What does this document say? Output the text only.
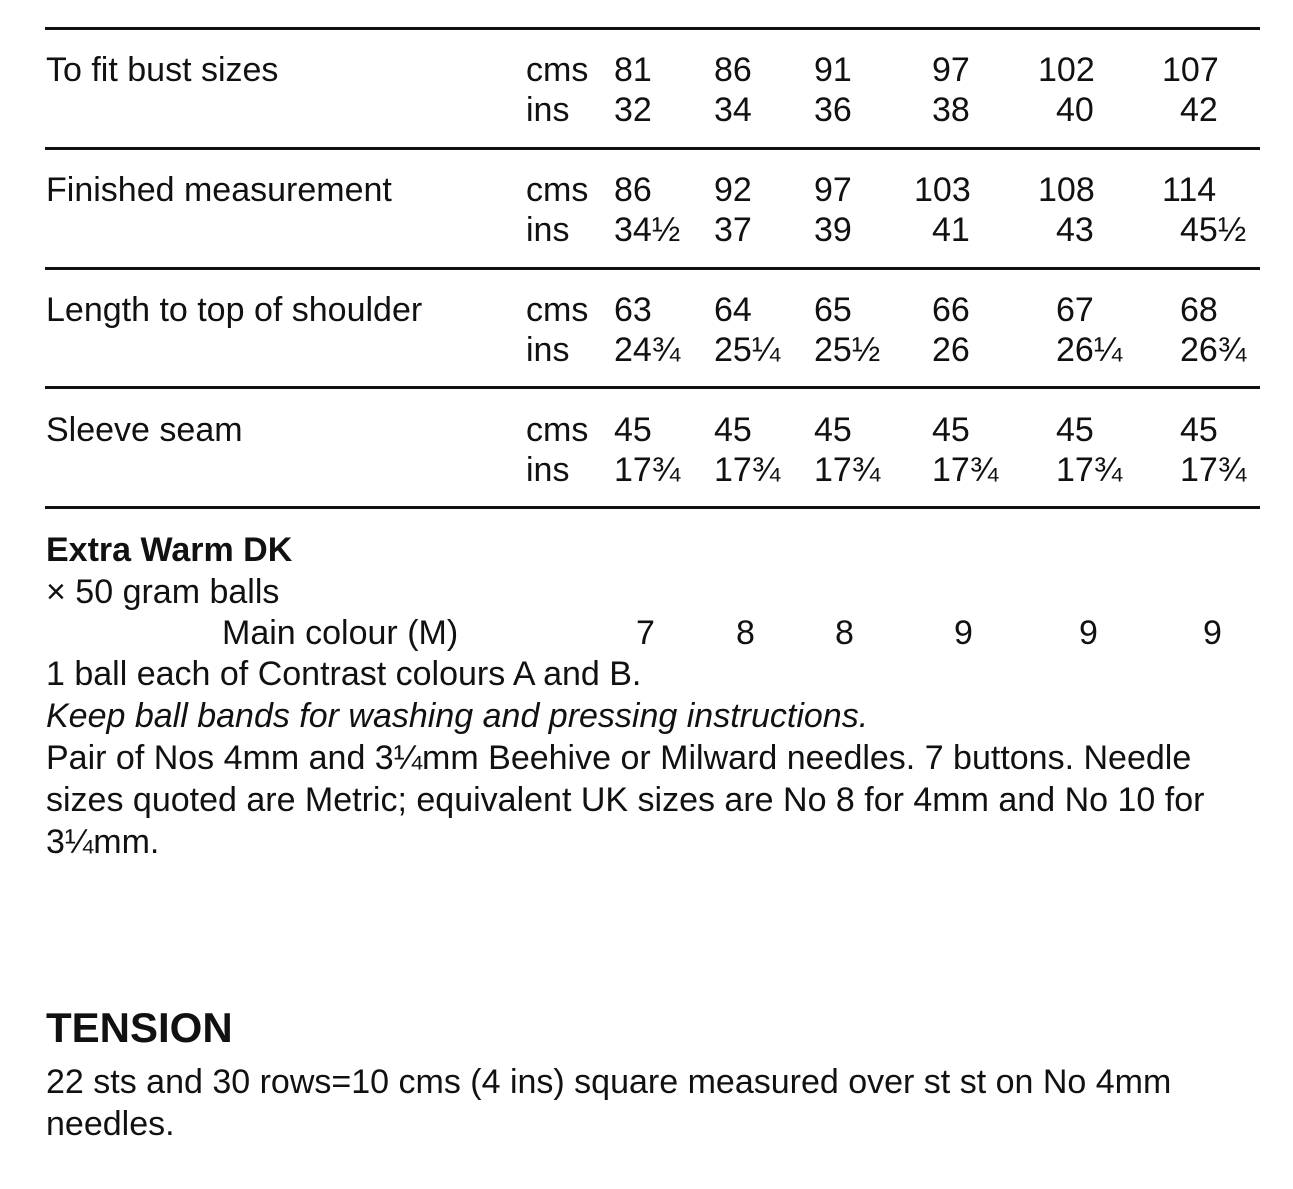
To fit bust sizes	cms 81 86 91 97 102 107
ins 32 34 36 38	40	42
Finished measurement	cms 86 92 97 103 108 114
ins 34½ 37 39 41	43	45½
Length to top of shoulder	cms 63 64 65 66	67	68
ins 24¾ 25¼ 25½ 26	26¼ 26¾
Sleeve seam	cms 45 45 45 45	45	45
ins 17¾ 17¾ 17¾ 17¾ 17¾ 17¾
Extra Warm DK
× 50 gram balls
Main colour (M)	7 8 8	9	9	9
1 ball each of Contrast colours A and B.
Keep ball bands for washing and pressing instructions.
Pair of Nos 4mm and 3¼mm Beehive or Milward needles. 7 buttons. Needle sizes quoted are Metric; equivalent UK sizes are No 8 for 4mm and No 10 for 3¼mm.
TENSION
22 sts and 30 rows=10 cms (4 ins) square measured over st st on No 4mm needles.
